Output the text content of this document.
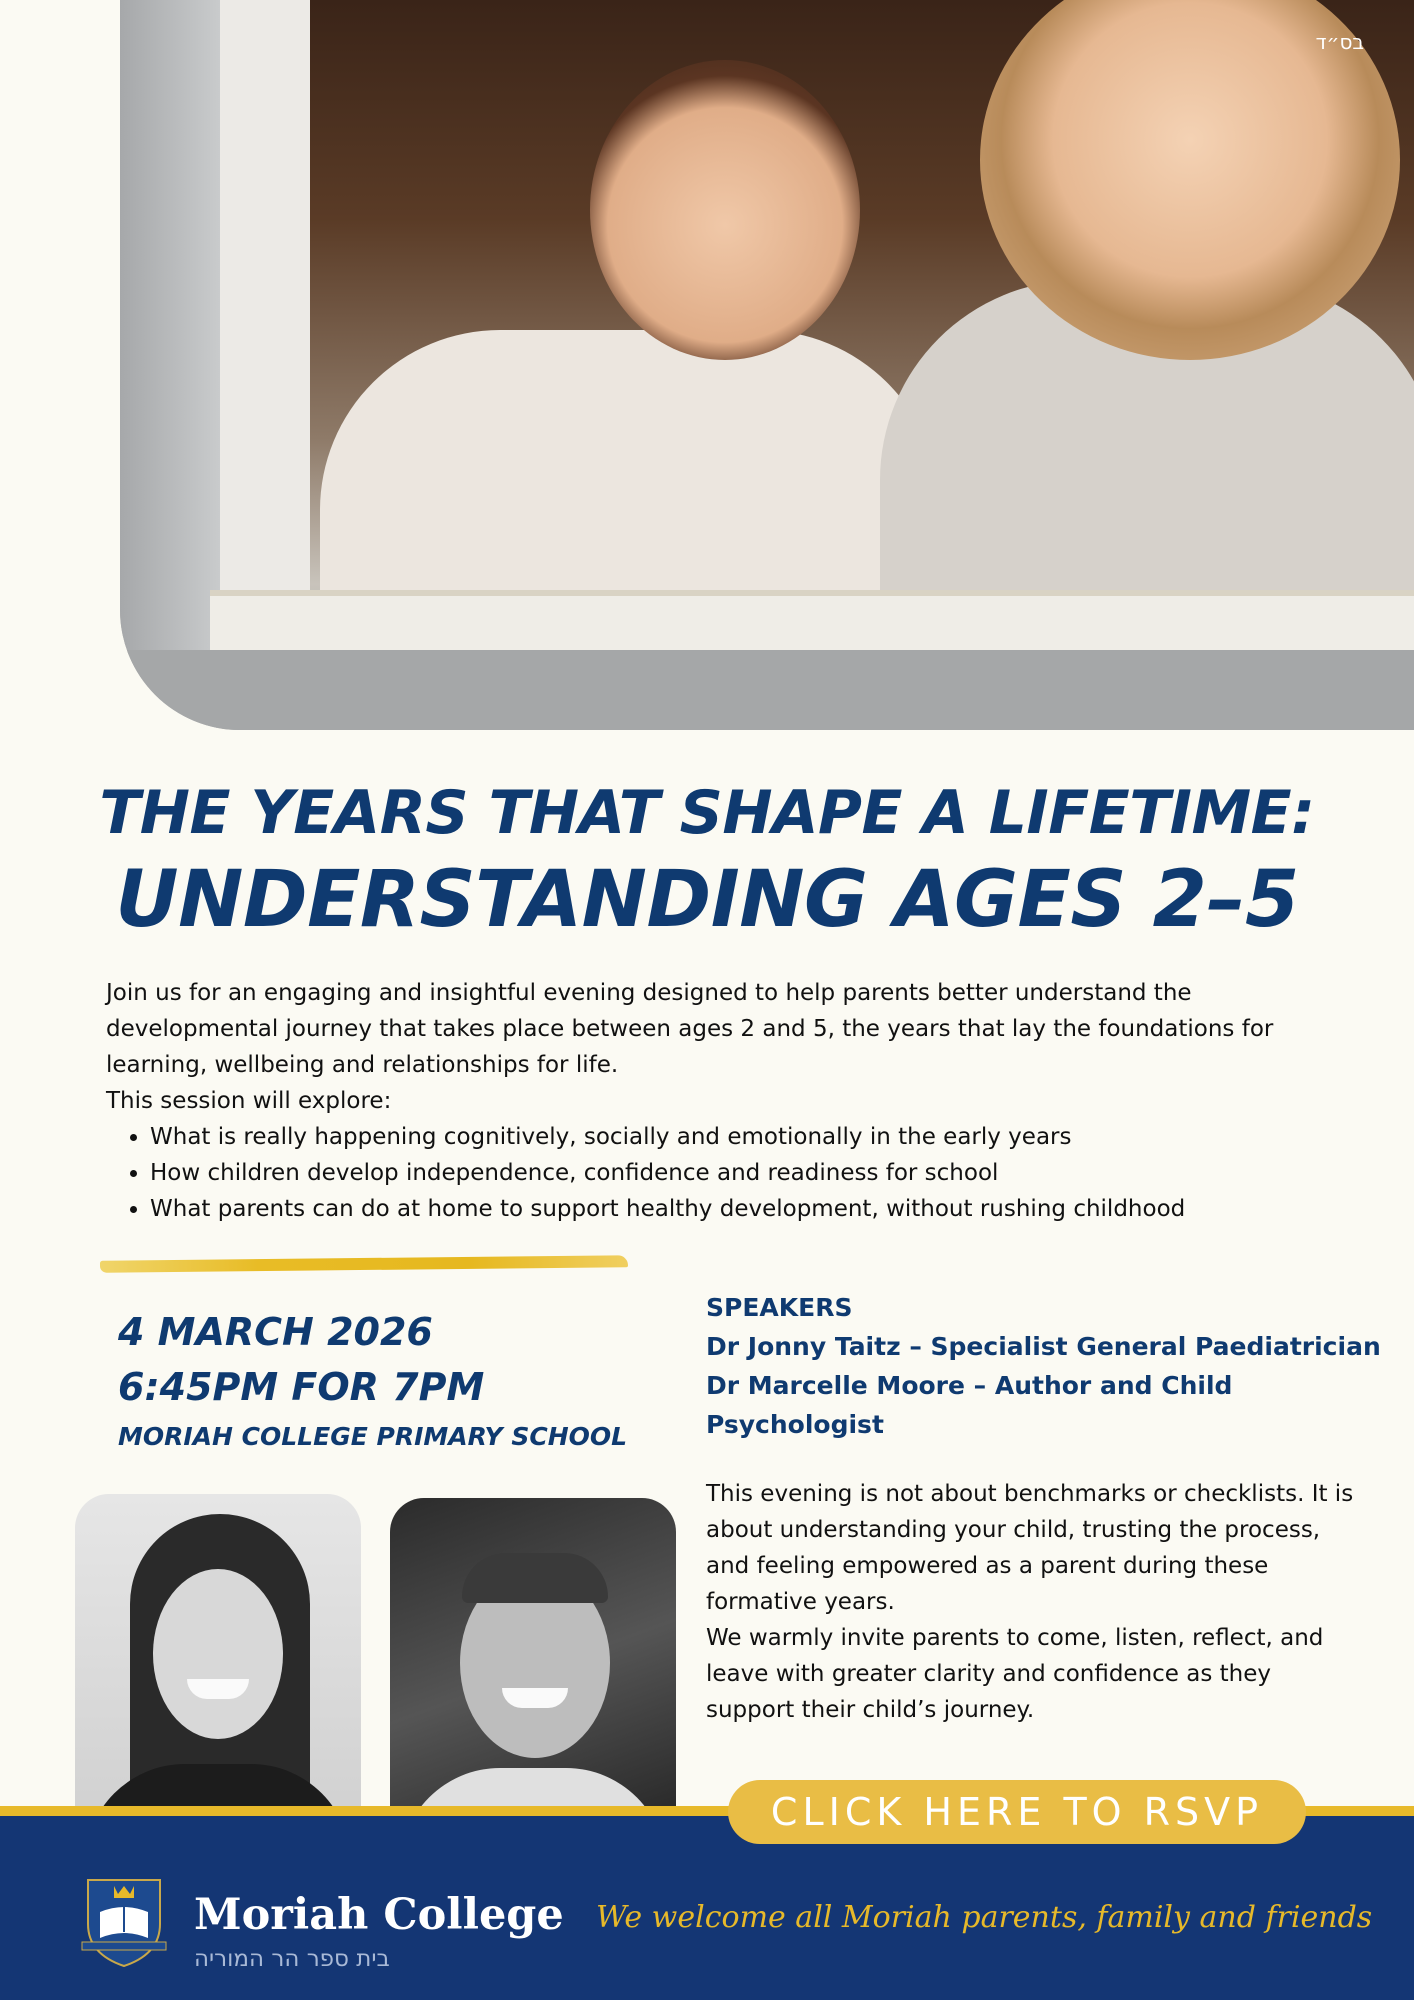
בס״ד
THE YEARS THAT SHAPE A LIFETIME:
UNDERSTANDING AGES 2–5

Join us for an engaging and insightful evening designed to help parents better understand the developmental journey that takes place between ages 2 and 5, the years that lay the foundations for learning, wellbeing and relationships for life.

This session will explore:

• What is really happening cognitively, socially and emotionally in the early years
• How children develop independence, confidence and readiness for school
• What parents can do at home to support healthy development, without rushing childhood
4 MARCH 2026
6:45PM FOR 7PM
MORIAH COLLEGE PRIMARY SCHOOL
SPEAKERS
Dr Jonny Taitz – Specialist General Paediatrician
Dr Marcelle Moore – Author and Child
Psychologist

This evening is not about benchmarks or checklists. It is about understanding your child, trusting the process, and feeling empowered as a parent during these formative years.

We warmly invite parents to come, listen, reflect, and leave with greater clarity and confidence as they support their child’s journey.

CLICK HERE TO RSVP
Moriah College
בית ספר הר המוריה
We welcome all Moriah parents, family and friends
